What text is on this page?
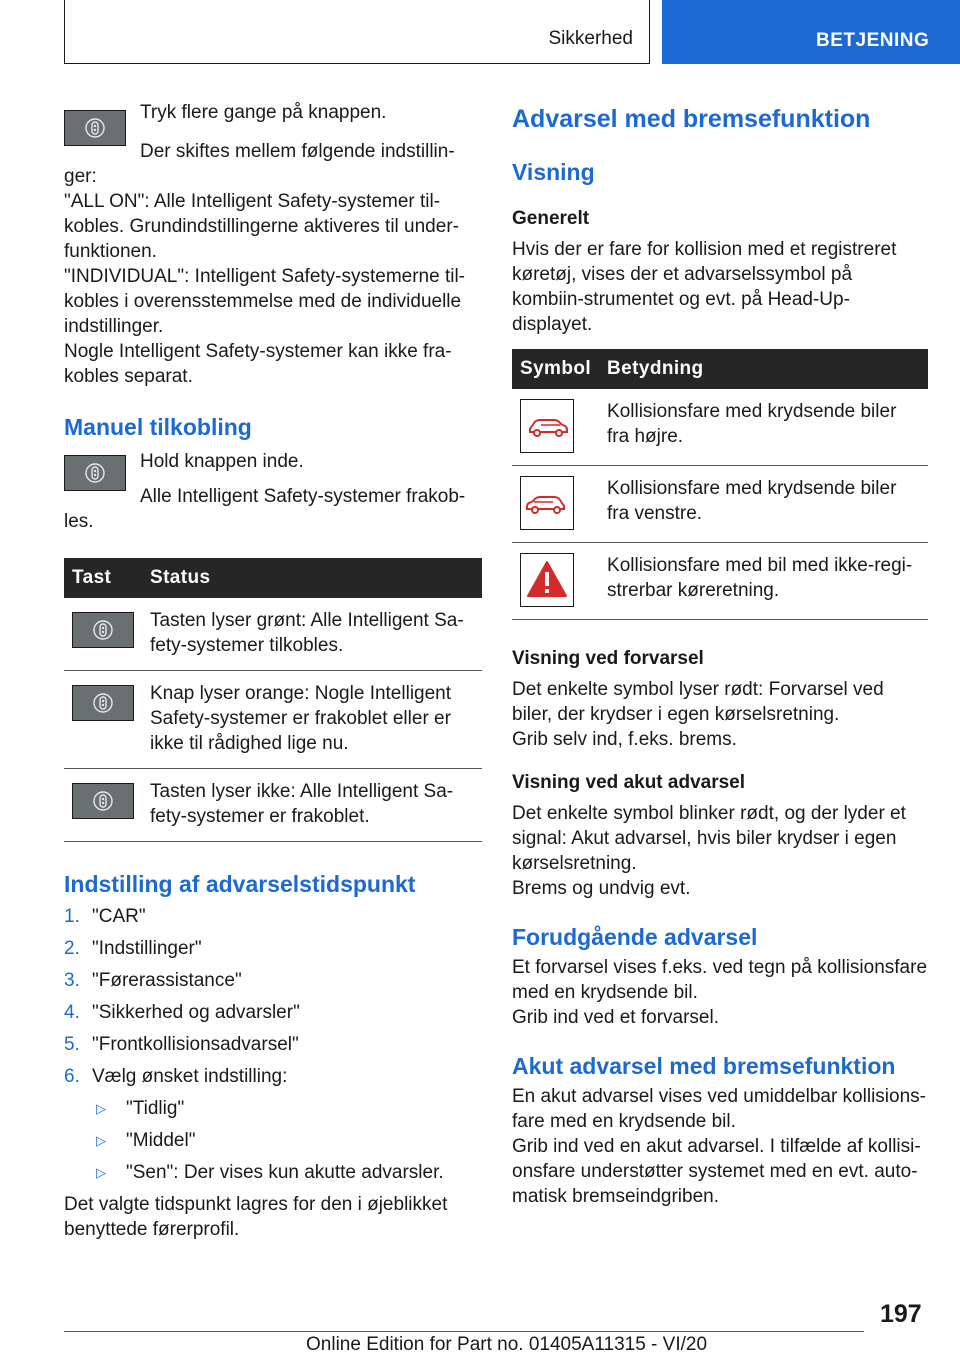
Sikkerhed	BETJENING

Tryk flere gange på knappen.

Der skiftes mellem følgende indstillin-ger:

"ALL ON": Alle Intelligent Safety-systemer til-kobles. Grundindstillingerne aktiveres til under-funktionen.

"INDIVIDUAL": Intelligent Safety-systemerne til-kobles i overensstemmelse med de individuelle indstillinger.

Nogle Intelligent Safety-systemer kan ikke fra-kobles separat.

Manuel tilkobling

Hold knappen inde.

Alle Intelligent Safety-systemer frakob-les.

Tast	Status

	Tasten lyser grønt: Alle Intelligent Sa-fety-systemer tilkobles.

	Knap lyser orange: Nogle Intelligent Safety-systemer er frakoblet eller er ikke til rådighed lige nu.

	Tasten lyser ikke: Alle Intelligent Sa-fety-systemer er frakoblet.
Indstilling af advarselstidspunkt
1. "CAR"
2. "Indstillinger"
3. "Førerassistance"
4. "Sikkerhed og advarsler"
5. "Frontkollisionsadvarsel"
6. Vælg ønsket indstilling:
▷	"Tidlig"
▷	"Middel"
▷	"Sen": Der vises kun akutte advarsler.

Det valgte tidspunkt lagres for den i øjeblikket benyttede førerprofil.

Advarsel med bremsefunktion
Visning
Generelt

Hvis der er fare for kollision med et registreret køretøj, vises der et advarselssymbol på kombiin-strumentet og evt. på Head-Up-displayet.

Symbol	Betydning

	Kollisionsfare med krydsende biler fra højre.

	Kollisionsfare med krydsende biler fra venstre.

	Kollisionsfare med bil med ikke-regi-strerbar køreretning.
Visning ved forvarsel

Det enkelte symbol lyser rødt: Forvarsel ved biler, der krydser i egen kørselsretning.

Grib selv ind, f.eks. brems.

Visning ved akut advarsel

Det enkelte symbol blinker rødt, og der lyder et signal: Akut advarsel, hvis biler krydser i egen kørselsretning.

Brems og undvig evt.

Forudgående advarsel

Et forvarsel vises f.eks. ved tegn på kollisionsfare med en krydsende bil.

Grib ind ved et forvarsel.

Akut advarsel med bremsefunktion

En akut advarsel vises ved umiddelbar kollisions-fare med en krydsende bil.

Grib ind ved en akut advarsel. I tilfælde af kollisi-onsfare understøtter systemet med en evt. auto-matisk bremseindgriben.

197
Online Edition for Part no. 01405A11315 - VI/20
